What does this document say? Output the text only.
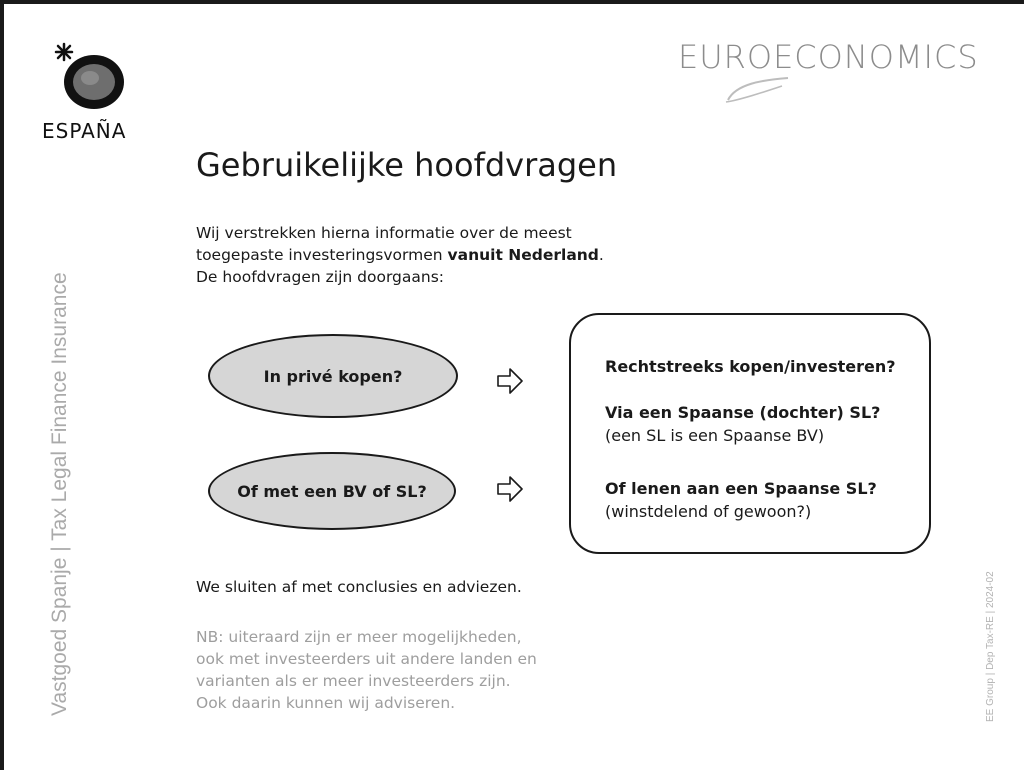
ESPAÑA
EUROECONOMICS
Vastgoed Spanje | Tax Legal Finance Insurance	EE Group | Dep Tax-RE | 2024-02
Gebruikelijke hoofdvragen
Wij verstrekken hierna informatie over de meest
toegepaste investeringsvormen vanuit Nederland.
De hoofdvragen zijn doorgaans:
In privé kopen?
Of met een BV of SL?
Rechtstreeks kopen/investeren?
Via een Spaanse (dochter) SL?
(een SL is een Spaanse BV)
Of lenen aan een Spaanse SL?
(winstdelend of gewoon?)
We sluiten af met conclusies en adviezen.
NB: uiteraard zijn er meer mogelijkheden,
ook met investeerders uit andere landen en
varianten als er meer investeerders zijn.
Ook daarin kunnen wij adviseren.
